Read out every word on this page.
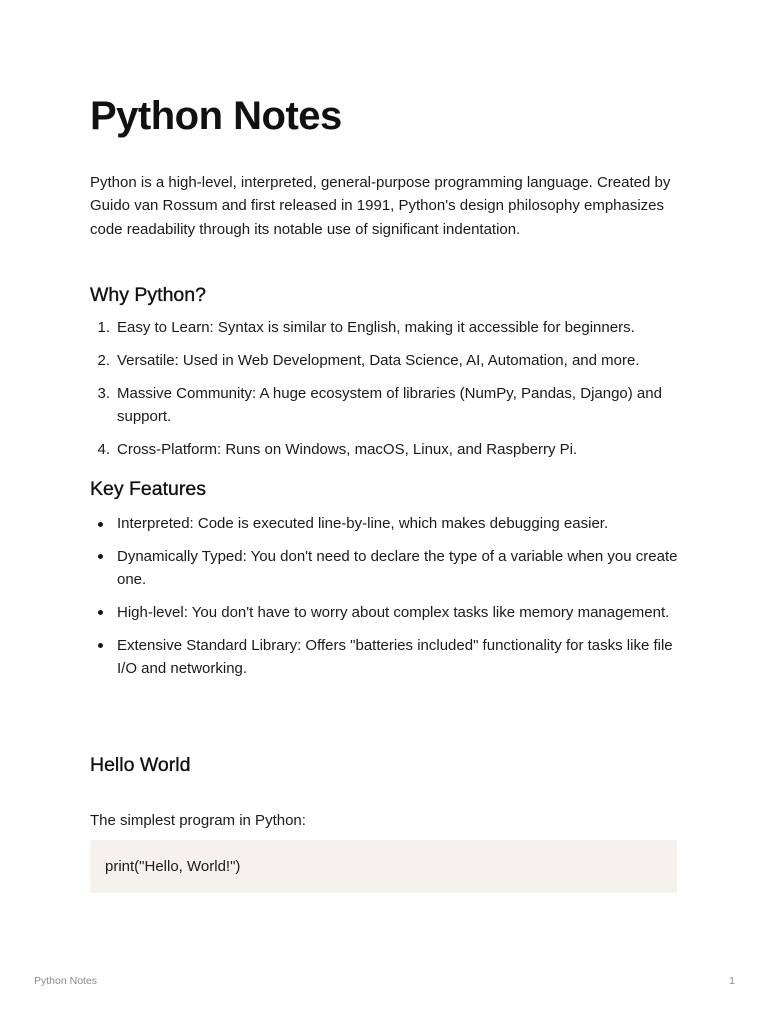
Python Notes

Python is a high-level, interpreted, general-purpose programming language. Created by Guido van Rossum and first released in 1991, Python's design philosophy emphasizes code readability through its notable use of significant indentation.

Why Python?
1. Easy to Learn: Syntax is similar to English, making it accessible for beginners.
2. Versatile: Used in Web Development, Data Science, AI, Automation, and more.
3. Massive Community: A huge ecosystem of libraries (NumPy, Pandas, Django) and support.
4. Cross-Platform: Runs on Windows, macOS, Linux, and Raspberry Pi.
Key Features
Interpreted: Code is executed line-by-line, which makes debugging easier.
Dynamically Typed: You don't need to declare the type of a variable when you create one.
High-level: You don't have to worry about complex tasks like memory management.
Extensive Standard Library: Offers "batteries included" functionality for tasks like file I/O and networking.
Hello World

The simplest program in Python:

print("Hello, World!")
Python Notes	1
